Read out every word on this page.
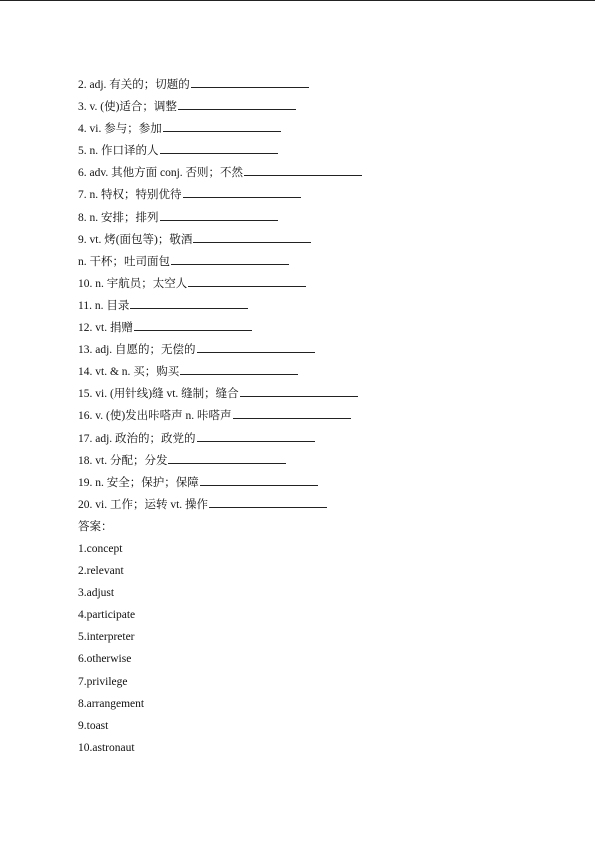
2. adj. 有关的；切题的
3. v. (使)适合；调整
4. vi. 参与；参加
5. n. 作口译的人
6. adv. 其他方面 conj. 否则；不然
7. n. 特权；特别优待
8. n. 安排；排列
9. vt. 烤(面包等)；敬酒
n. 干杯；吐司面包
10. n. 宇航员；太空人
11. n. 目录
12. vt. 捐赠
13. adj. 自愿的；无偿的
14. vt. & n. 买；购买
15. vi. (用针线)缝 vt. 缝制；缝合
16. v. (使)发出咔嗒声 n. 咔嗒声
17. adj. 政治的；政党的
18. vt. 分配；分发
19. n. 安全；保护；保障
20. vi. 工作；运转 vt. 操作
答案：
1.concept
2.relevant
3.adjust
4.participate
5.interpreter
6.otherwise
7.privilege
8.arrangement
9.toast
10.astronaut
